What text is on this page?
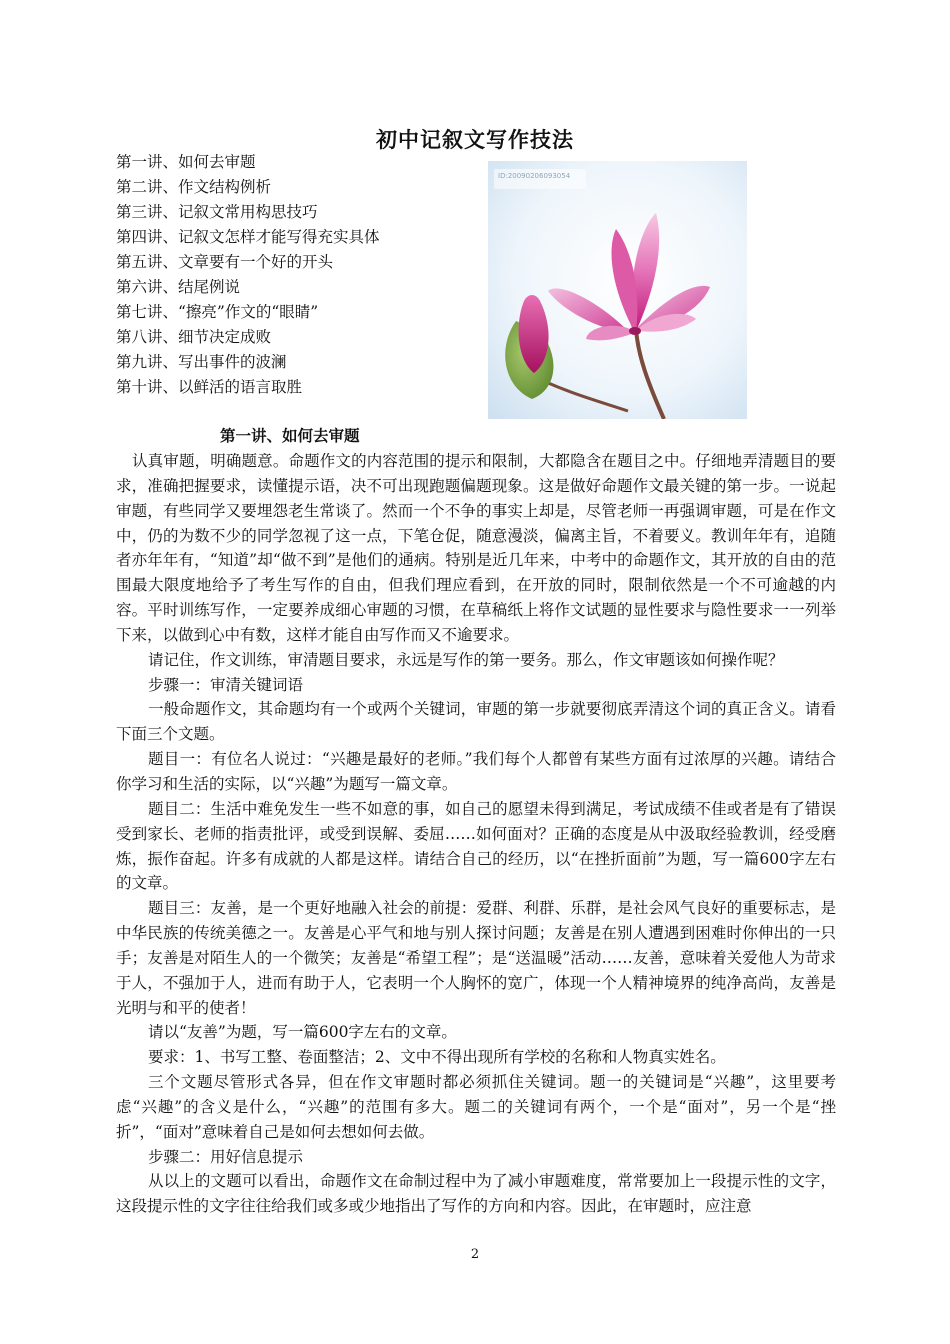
初中记叙文写作技法
第一讲、如何去审题
第二讲、作文结构例析
第三讲、记叙文常用构思技巧
第四讲、记叙文怎样才能写得充实具体
第五讲、文章要有一个好的开头
第六讲、结尾例说
第七讲、“擦亮”作文的“眼睛”
第八讲、细节决定成败
第九讲、写出事件的波澜
第十讲、以鲜活的语言取胜
ID:20090206093054
第一讲、如何去审题

认真审题，明确题意。命题作文的内容范围的提示和限制，大都隐含在题目之中。仔细地弄清题目的要求，准确把握要求，读懂提示语，决不可出现跑题偏题现象。这是做好命题作文最关键的第一步。一说起审题，有些同学又要埋怨老生常谈了。然而一个不争的事实上却是，尽管老师一再强调审题，可是在作文中，仍的为数不少的同学忽视了这一点，下笔仓促，随意漫淡，偏离主旨，不着要义。教训年年有，追随者亦年年有，“知道”却“做不到”是他们的通病。特别是近几年来，中考中的命题作文，其开放的自由的范围最大限度地给予了考生写作的自由，但我们理应看到，在开放的同时，限制依然是一个不可逾越的内容。平时训练写作，一定要养成细心审题的习惯，在草稿纸上将作文试题的显性要求与隐性要求一一列举下来，以做到心中有数，这样才能自由写作而又不逾要求。

请记住，作文训练，审清题目要求，永远是写作的第一要务。那么，作文审题该如何操作呢？

步骤一：审清关键词语

一般命题作文，其命题均有一个或两个关键词，审题的第一步就要彻底弄清这个词的真正含义。请看下面三个文题。

题目一：有位名人说过：“兴趣是最好的老师。”我们每个人都曾有某些方面有过浓厚的兴趣。请结合你学习和生活的实际，以“兴趣”为题写一篇文章。

题目二：生活中难免发生一些不如意的事，如自己的愿望未得到满足，考试成绩不佳或者是有了错误受到家长、老师的指责批评，或受到误解、委屈……如何面对？正确的态度是从中汲取经验教训，经受磨炼，振作奋起。许多有成就的人都是这样。请结合自己的经历，以“在挫折面前”为题，写一篇600字左右的文章。

题目三：友善，是一个更好地融入社会的前提：爱群、利群、乐群，是社会风气良好的重要标志，是中华民族的传统美德之一。友善是心平气和地与别人探讨问题；友善是在别人遭遇到困难时你伸出的一只手；友善是对陌生人的一个微笑；友善是“希望工程”；是“送温暖”活动……友善，意味着关爱他人为苛求于人，不强加于人，进而有助于人，它表明一个人胸怀的宽广，体现一个人精神境界的纯净高尚，友善是光明与和平的使者！

请以“友善”为题，写一篇600字左右的文章。

要求：1、书写工整、卷面整洁；2、文中不得出现所有学校的名称和人物真实姓名。

三个文题尽管形式各异，但在作文审题时都必须抓住关键词。题一的关键词是“兴趣”，这里要考虑“兴趣”的含义是什么，“兴趣”的范围有多大。题二的关键词有两个，一个是“面对”，另一个是“挫折”，“面对”意味着自己是如何去想如何去做。

步骤二：用好信息提示

从以上的文题可以看出，命题作文在命制过程中为了减小审题难度，常常要加上一段提示性的文字，这段提示性的文字往往给我们或多或少地指出了写作的方向和内容。因此，在审题时，应注意

2
